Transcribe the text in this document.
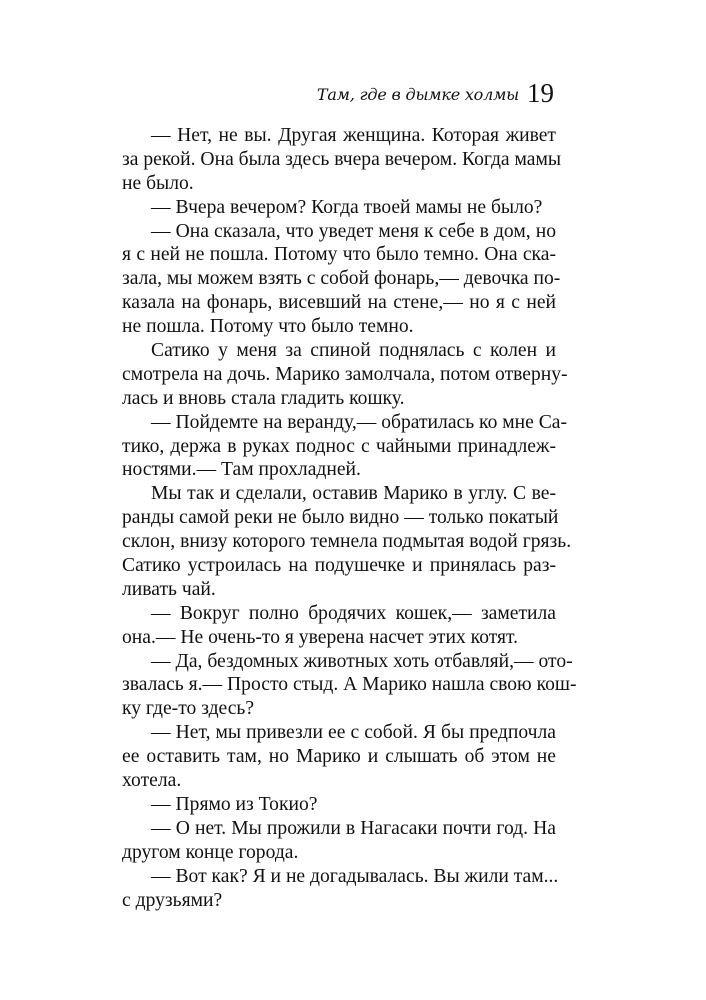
Там, где в дымке холмы 19
— Нет, не вы. Другая женщина. Которая живет
за рекой. Она была здесь вчера вечером. Когда мамы
не было.
— Вчера вечером? Когда твоей мамы не было?
— Она сказала, что уведет меня к себе в дом, но
я с ней не пошла. Потому что было темно. Она ска-
зала, мы можем взять с собой фонарь,— девочка по-
казала на фонарь, висевший на стене,— но я с ней
не пошла. Потому что было темно.
Сатико у меня за спиной поднялась с колен и
смотрела на дочь. Марико замолчала, потом отверну-
лась и вновь стала гладить кошку.
— Пойдемте на веранду,— обратилась ко мне Са-
тико, держа в руках поднос с чайными принадлеж-
ностями.— Там прохладней.
Мы так и сделали, оставив Марико в углу. С ве-
ранды самой реки не было видно — только покатый
склон, внизу которого темнела подмытая водой грязь.
Сатико устроилась на подушечке и принялась раз-
ливать чай.
— Вокруг полно бродячих кошек,— заметила
она.— Не очень-то я уверена насчет этих котят.
— Да, бездомных животных хоть отбавляй,— ото-
звалась я.— Просто стыд. А Марико нашла свою кош-
ку где-то здесь?
— Нет, мы привезли ее с собой. Я бы предпочла
ее оставить там, но Марико и слышать об этом не
хотела.
— Прямо из Токио?
— О нет. Мы прожили в Нагасаки почти год. На
другом конце города.
— Вот как? Я и не догадывалась. Вы жили там...
с друзьями?
